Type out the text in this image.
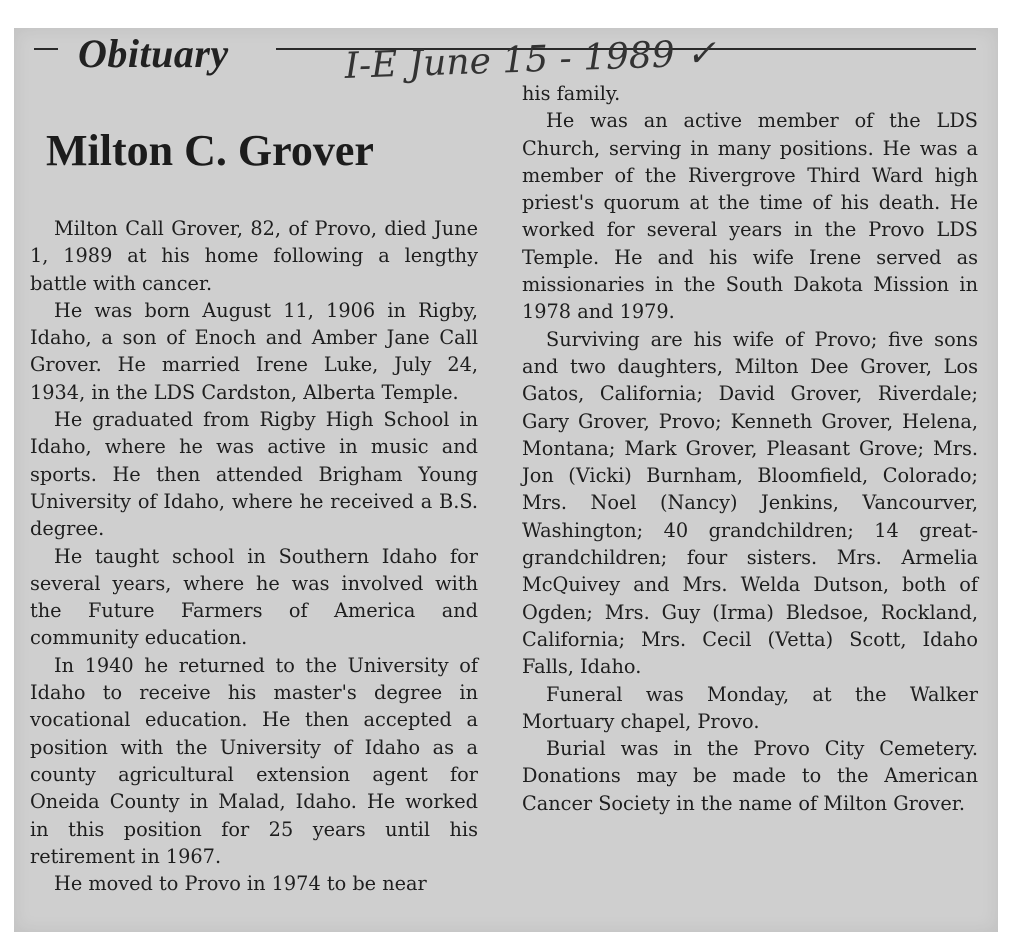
Obituary	I-E June 15 - 1989 ✓
Milton C. Grover

Milton Call Grover, 82, of Provo, died June 1, 1989 at his home following a lengthy battle with cancer.

He was born August 11, 1906 in Rigby, Idaho, a son of Enoch and Amber Jane Call Grover. He married Irene Luke, July 24, 1934, in the LDS Cardston, Alberta Temple.

He graduated from Rigby High School in Idaho, where he was active in music and sports. He then attended Brigham Young University of Idaho, where he received a B.S. degree.

He taught school in Southern Idaho for several years, where he was involved with the Future Farmers of America and community education.

In 1940 he returned to the University of Idaho to receive his master's degree in vocational education. He then accepted a position with the University of Idaho as a county agricultural extension agent for Oneida County in Malad, Idaho. He worked in this position for 25 years until his retirement in 1967.

He moved to Provo in 1974 to be near

his family.

He was an active member of the LDS Church, serving in many positions. He was a member of the Rivergrove Third Ward high priest's quorum at the time of his death. He worked for several years in the Provo LDS Temple. He and his wife Irene served as missionaries in the South Dakota Mission in 1978 and 1979.

Surviving are his wife of Provo; five sons and two daughters, Milton Dee Grover, Los Gatos, California; David Grover, Riverdale; Gary Grover, Provo; Kenneth Grover, Helena, Montana; Mark Grover, Pleasant Grove; Mrs. Jon (Vicki) Burnham, Bloomfield, Colorado; Mrs. Noel (Nancy) Jenkins, Vancourver, Washington; 40 grandchildren; 14 great-grandchildren; four sisters. Mrs. Armelia McQuivey and Mrs. Welda Dutson, both of Ogden; Mrs. Guy (Irma) Bledsoe, Rockland, California; Mrs. Cecil (Vetta) Scott, Idaho Falls, Idaho.

Funeral was Monday, at the Walker Mortuary chapel, Provo.

Burial was in the Provo City Cemetery. Donations may be made to the American Cancer Society in the name of Milton Grover.
